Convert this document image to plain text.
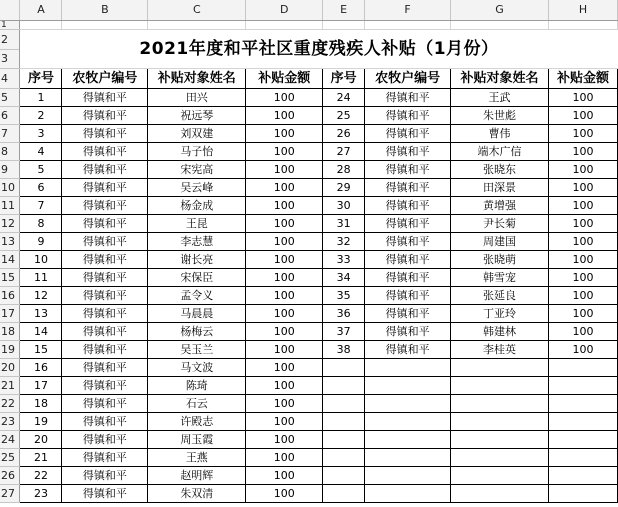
	A	B	C	D	E	F	G	H
1								

2
3	2021年度和平社区重度残疾人补贴（1月份）							
4	序号	农牧户编号	补贴对象姓名	补贴金额	序号	农牧户编号	补贴对象姓名	补贴金额
5	1	得镇和平	田兴	100	24	得镇和平	王武	100
6	2	得镇和平	祝远琴	100	25	得镇和平	朱世彪	100
7	3	得镇和平	刘双建	100	26	得镇和平	曹伟	100
8	4	得镇和平	马子怡	100	27	得镇和平	端木广信	100
9	5	得镇和平	宋宪高	100	28	得镇和平	张晓东	100
10	6	得镇和平	吴云峰	100	29	得镇和平	田深景	100
11	7	得镇和平	杨金成	100	30	得镇和平	黄增强	100
12	8	得镇和平	王昆	100	31	得镇和平	尹长菊	100
13	9	得镇和平	李志慧	100	32	得镇和平	周建国	100
14	10	得镇和平	谢长亮	100	33	得镇和平	张晓萌	100
15	11	得镇和平	宋保臣	100	34	得镇和平	韩雪宠	100
16	12	得镇和平	孟令义	100	35	得镇和平	张延良	100
17	13	得镇和平	马晨晨	100	36	得镇和平	丁亚玲	100
18	14	得镇和平	杨梅云	100	37	得镇和平	韩建林	100
19	15	得镇和平	吴玉兰	100	38	得镇和平	李桂英	100
20	16	得镇和平	马文波	100				
21	17	得镇和平	陈琦	100				
22	18	得镇和平	石云	100				
23	19	得镇和平	许殿志	100				
24	20	得镇和平	周玉霞	100				
25	21	得镇和平	王燕	100				
26	22	得镇和平	赵明辉	100				
27	23	得镇和平	朱双清	100				
